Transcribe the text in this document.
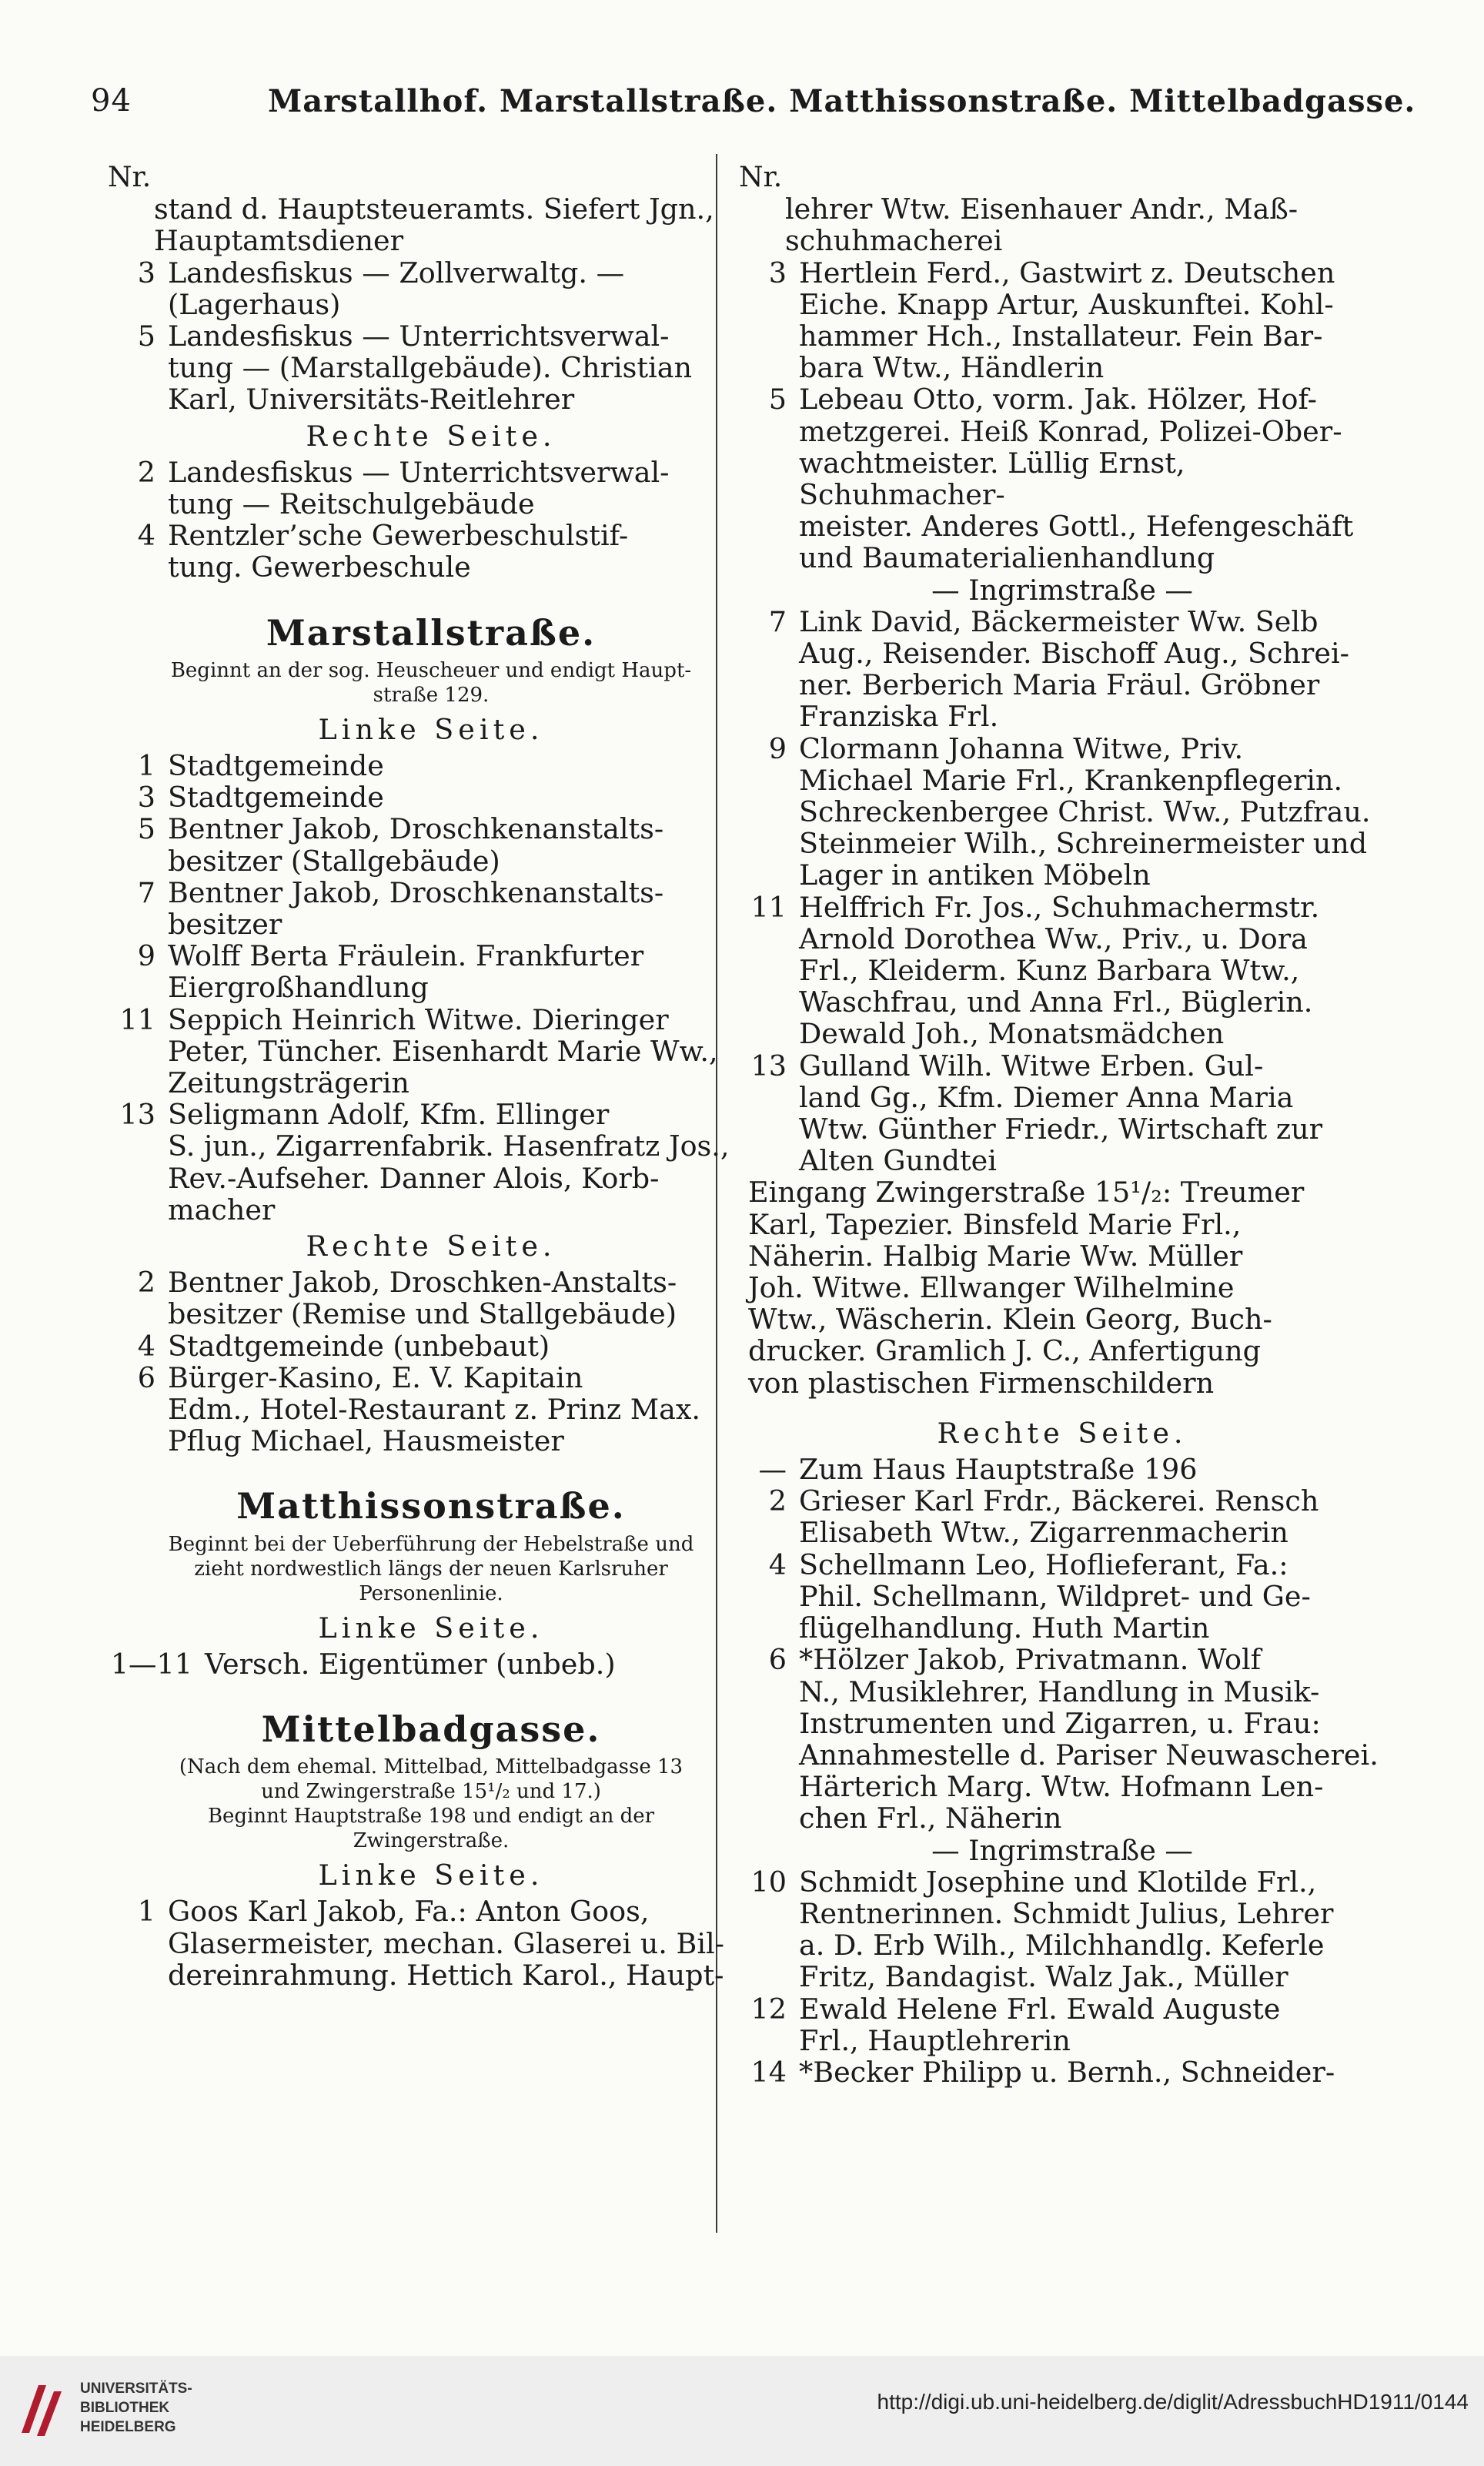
94	Marstallhof. Marstallstraße. Matthissonstraße. Mittelbadgasse.
Nr.
stand d. Hauptsteueramts. Siefert Jgn.,
Hauptamtsdiener
3 Landesfiskus — Zollverwaltg. —
(Lagerhaus)
5 Landesfiskus — Unterrichtsverwal-
tung — (Marstallgebäude). Christian
Karl, Universitäts-Reitlehrer
Rechte Seite.
2 Landesfiskus — Unterrichtsverwal-
tung — Reitschulgebäude
4 Rentzler’sche Gewerbeschulstif-
tung. Gewerbeschule
Marstallstraße.
Beginnt an der sog. Heuscheuer und endigt Haupt-
straße 129.
Linke Seite.
1 Stadtgemeinde
3 Stadtgemeinde
5 Bentner Jakob, Droschkenanstalts-
besitzer (Stallgebäude)
7 Bentner Jakob, Droschkenanstalts-
besitzer
9 Wolff Berta Fräulein. Frankfurter
Eiergroßhandlung
11 Seppich Heinrich Witwe. Dieringer
Peter, Tüncher. Eisenhardt Marie Ww.,
Zeitungsträgerin
13 Seligmann Adolf, Kfm. Ellinger
S. jun., Zigarrenfabrik. Hasenfratz Jos.,
Rev.-Aufseher. Danner Alois, Korb-
macher
Rechte Seite.
2 Bentner Jakob, Droschken-Anstalts-
besitzer (Remise und Stallgebäude)
4 Stadtgemeinde (unbebaut)
6 Bürger-Kasino, E. V. Kapitain
Edm., Hotel-Restaurant z. Prinz Max.
Pflug Michael, Hausmeister
Matthissonstraße.
Beginnt bei der Ueberführung der Hebelstraße und
zieht nordwestlich längs der neuen Karlsruher
Personenlinie.
Linke Seite.
1—11 Versch. Eigentümer (unbeb.)
Mittelbadgasse.
(Nach dem ehemal. Mittelbad, Mittelbadgasse 13
und Zwingerstraße 15¹/₂ und 17.)
Beginnt Hauptstraße 198 und endigt an der
Zwingerstraße.
Linke Seite.
1 Goos Karl Jakob, Fa.: Anton Goos,
Glasermeister, mechan. Glaserei u. Bil-
dereinrahmung. Hettich Karol., Haupt-
Nr.
lehrer Wtw. Eisenhauer Andr., Maß-
schuhmacherei
3 Hertlein Ferd., Gastwirt z. Deutschen
Eiche. Knapp Artur, Auskunftei. Kohl-
hammer Hch., Installateur. Fein Bar-
bara Wtw., Händlerin
5 Lebeau Otto, vorm. Jak. Hölzer, Hof-
metzgerei. Heiß Konrad, Polizei-Ober-
wachtmeister. Lüllig Ernst, Schuhmacher-
meister. Anderes Gottl., Hefengeschäft
und Baumaterialienhandlung
— Ingrimstraße —
7 Link David, Bäckermeister Ww. Selb
Aug., Reisender. Bischoff Aug., Schrei-
ner. Berberich Maria Fräul. Gröbner
Franziska Frl.
9 Clormann Johanna Witwe, Priv.
Michael Marie Frl., Krankenpflegerin.
Schreckenbergee Christ. Ww., Putzfrau.
Steinmeier Wilh., Schreinermeister und
Lager in antiken Möbeln
11 Helffrich Fr. Jos., Schuhmachermstr.
Arnold Dorothea Ww., Priv., u. Dora
Frl., Kleiderm. Kunz Barbara Wtw.,
Waschfrau, und Anna Frl., Büglerin.
Dewald Joh., Monatsmädchen
13 Gulland Wilh. Witwe Erben. Gul-
land Gg., Kfm. Diemer Anna Maria
Wtw. Günther Friedr., Wirtschaft zur
Alten Gundtei
Eingang Zwingerstraße 15¹/₂: Treumer
Karl, Tapezier. Binsfeld Marie Frl.,
Näherin. Halbig Marie Ww. Müller
Joh. Witwe. Ellwanger Wilhelmine
Wtw., Wäscherin. Klein Georg, Buch-
drucker. Gramlich J. C., Anfertigung
von plastischen Firmenschildern
Rechte Seite.
— Zum Haus Hauptstraße 196
2 Grieser Karl Frdr., Bäckerei. Rensch
Elisabeth Wtw., Zigarrenmacherin
4 Schellmann Leo, Hoflieferant, Fa.:
Phil. Schellmann, Wildpret- und Ge-
flügelhandlung. Huth Martin
6 *Hölzer Jakob, Privatmann. Wolf
N., Musiklehrer, Handlung in Musik-
Instrumenten und Zigarren, u. Frau:
Annahmestelle d. Pariser Neuwascherei.
Härterich Marg. Wtw. Hofmann Len-
chen Frl., Näherin
— Ingrimstraße —
10 Schmidt Josephine und Klotilde Frl.,
Rentnerinnen. Schmidt Julius, Lehrer
a. D. Erb Wilh., Milchhandlg. Keferle
Fritz, Bandagist. Walz Jak., Müller
12 Ewald Helene Frl. Ewald Auguste
Frl., Hauptlehrerin
14 *Becker Philipp u. Bernh., Schneider-
UNIVERSITÄTS-
BIBLIOTHEK
HEIDELBERG
http://digi.ub.uni-heidelberg.de/diglit/AdressbuchHD1911/0144
